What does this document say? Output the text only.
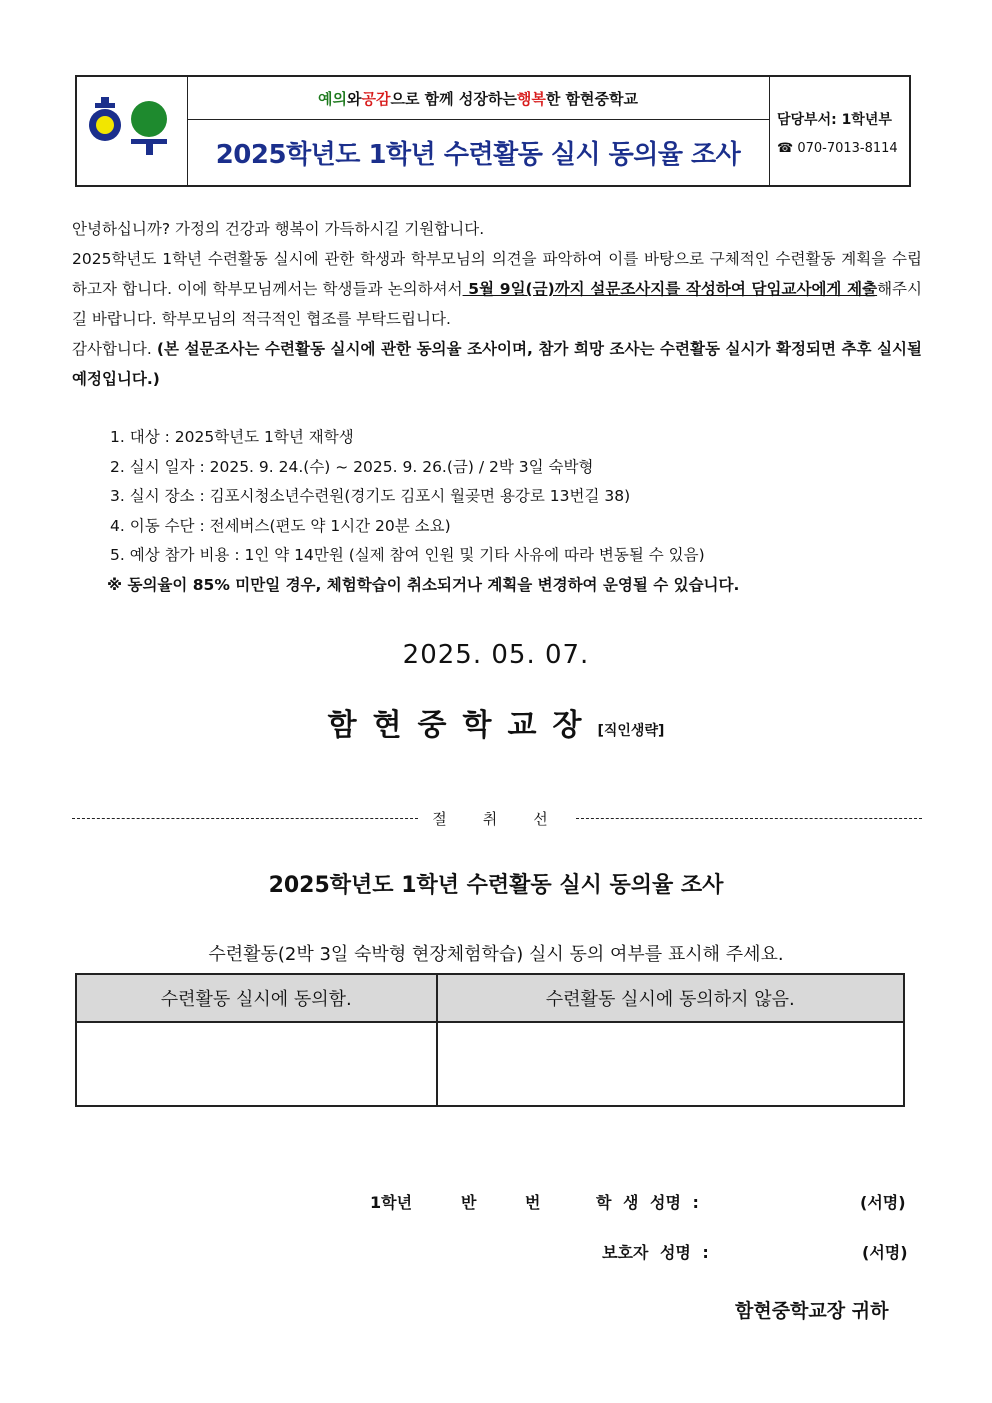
함현
예의 와 공감 으로 함께 성장하는 행복 한 함현중학교
2025학년도 1학년 수련활동 실시 동의율 조사
담당부서: 1학년부
☎ 070-7013-8114
안녕하십니까? 가정의 건강과 행복이 가득하시길 기원합니다.
2025학년도 1학년 수련활동 실시에 관한 학생과 학부모님의 의견을 파악하여 이를 바탕으로 구체적인 수련활동 계획을 수립하고자 합니다. 이에 학부모님께서는 학생들과 논의하셔서 5월 9일(금)까지 설문조사지를 작성하여 담임교사에게 제출해주시길 바랍니다. 학부모님의 적극적인 협조를 부탁드립니다.
감사합니다. (본 설문조사는 수련활동 실시에 관한 동의율 조사이며, 참가 희망 조사는 수련활동 실시가 확정되면 추후 실시될 예정입니다.)
1. 대상 : 2025학년도 1학년 재학생
2. 실시 일자 : 2025. 9. 24.(수) ~ 2025. 9. 26.(금) / 2박 3일 숙박형
3. 실시 장소 : 김포시청소년수련원(경기도 김포시 월곶면 용강로 13번길 38)
4. 이동 수단 : 전세버스(편도 약 1시간 20분 소요)
5. 예상 참가 비용 : 1인 약 14만원 (실제 참여 인원 및 기타 사유에 따라 변동될 수 있음)
※ 동의율이 85% 미만일 경우, 체험학습이 취소되거나 계획을 변경하여 운영될 수 있습니다.
2025. 05. 07.
함현중학교장[직인생략]
절취선
2025학년도 1학년 수련활동 실시 동의율 조사
수련활동(2박 3일 숙박형 현장체험학습) 실시 동의 여부를 표시해 주세요.
수련활동 실시에 동의함.	수련활동 실시에 동의하지 않음.

1학년	반	번	학 생 성명 :	(서명)
보호자 성명 :	(서명)
함현중학교장 귀하
